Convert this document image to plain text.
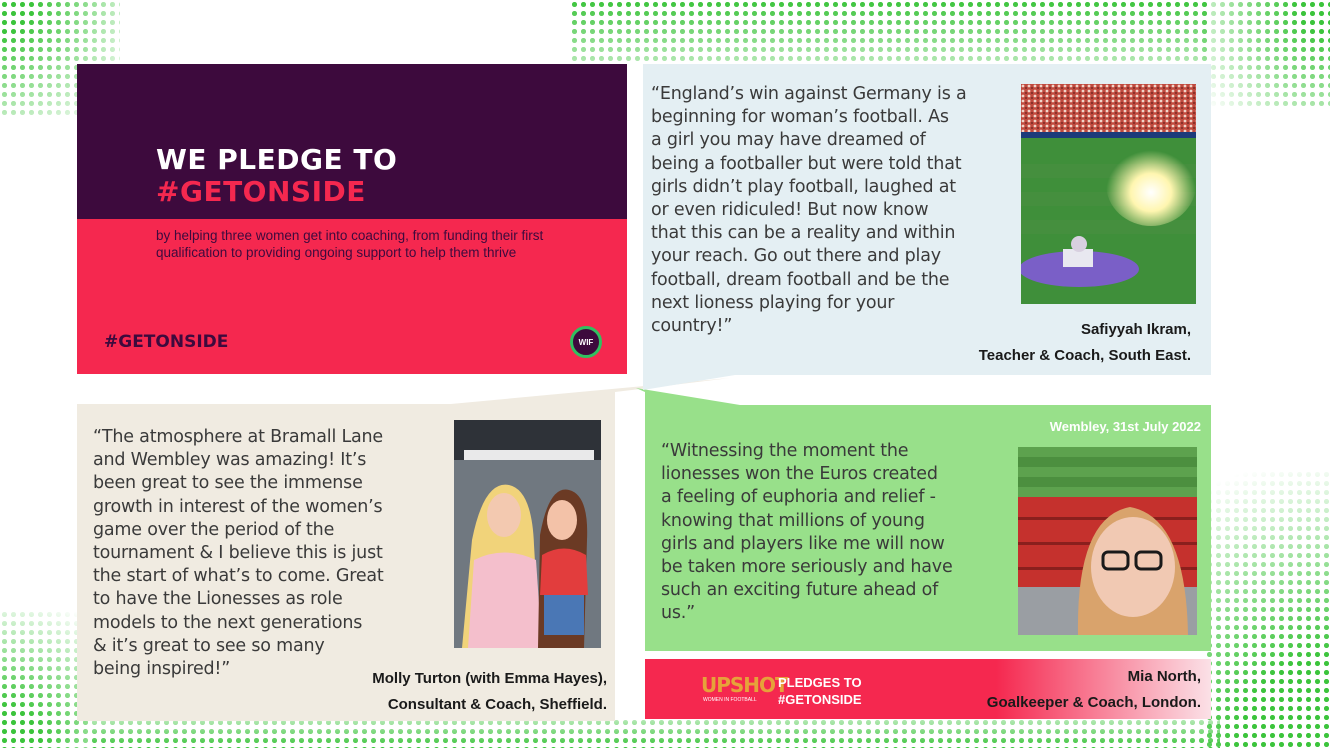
WE PLEDGE TO
#GETONSIDE
by helping three women get into coaching, from funding their first qualification to providing ongoing support to help them thrive
#GETONSIDE	WIF
“England’s win against Germany is a
beginning for woman’s football. As
a girl you may have dreamed of
being a footballer but were told that
girls didn’t play football, laughed at
or even ridiculed! But now know
that this can be a reality and within
your reach. Go out there and play
football, dream football and be the
next lioness playing for your
country!”	Safiyyah Ikram,
Teacher & Coach, South East.
“The atmosphere at Bramall Lane
and Wembley was amazing! It’s
been great to see the immense
growth in interest of the women’s
game over the period of the
tournament & I believe this is just
the start of what’s to come. Great
to have the Lionesses as role
models to the next generations
& it’s great to see so many
being inspired!”	Molly Turton (with Emma Hayes),
Consultant & Coach, Sheffield.
Wembley, 31st July 2022
“Witnessing the moment the
lionesses won the Euros created
a feeling of euphoria and relief -
knowing that millions of young
girls and players like me will now
be taken more seriously and have
such an exciting future ahead of
us.”
UPSHOT
WOMEN IN FOOTBALL
PLEDGES TO
#GETONSIDE
Mia North,
Goalkeeper & Coach, London.
